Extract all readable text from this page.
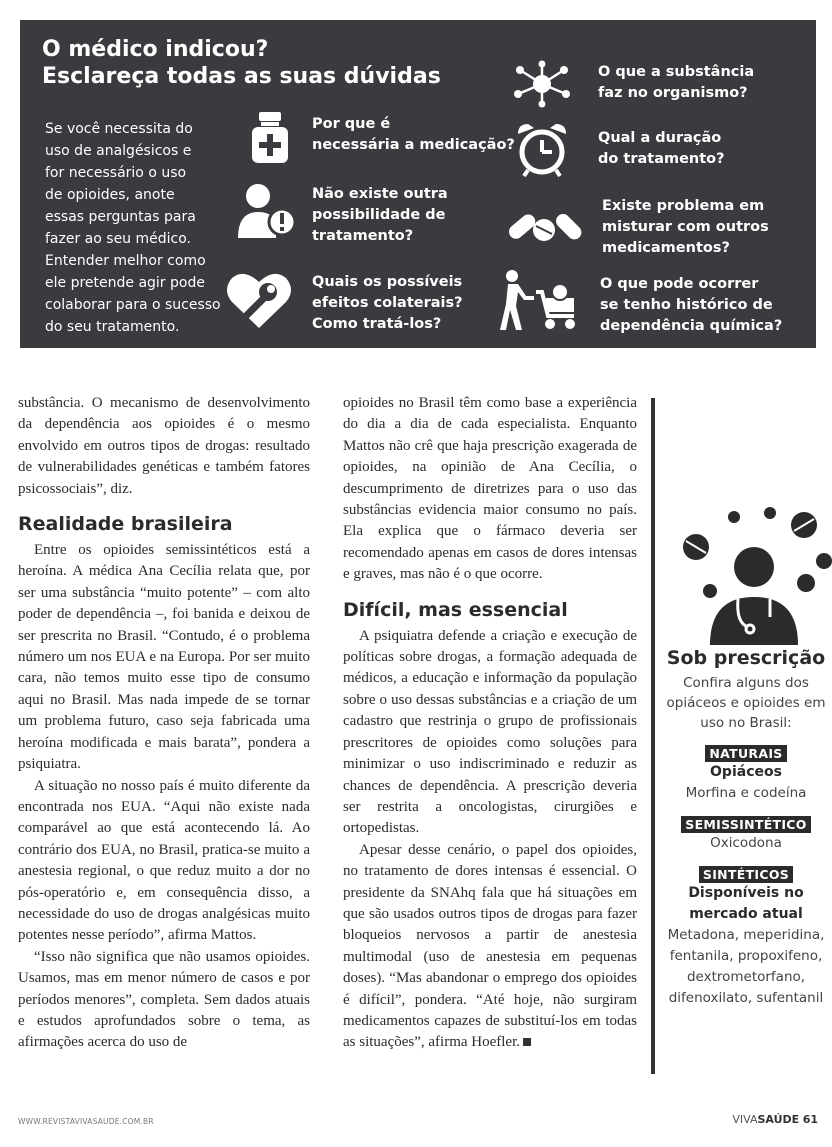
O médico indicou?
Esclareça todas as suas dúvidas
Se você necessita do
uso de analgésicos e
for necessário o uso
de opioides, anote
essas perguntas para
fazer ao seu médico.
Entender melhor como
ele pretende agir pode
colaborar para o sucesso
do seu tratamento.
Por que é
necessária a medicação?
Não existe outra
possibilidade de
tratamento?
Quais os possíveis
efeitos colaterais?
Como tratá-los?
O que a substância
faz no organismo?
Qual a duração
do tratamento?
Existe problema em
misturar com outros
medicamentos?
O que pode ocorrer
se tenho histórico de
dependência química?

substância. O mecanismo de desenvolvimento da dependência aos opioides é o mesmo envolvido em outros tipos de drogas: resultado de vulnerabilidades genéticas e também fatores psicossociais”, diz.

Realidade brasileira

Entre os opioides semissintéticos está a heroína. A médica Ana Cecília relata que, por ser uma substância “muito potente” – com alto poder de dependência –, foi banida e deixou de ser prescrita no Brasil. “Contudo, é o problema número um nos EUA e na Europa. Por ser muito cara, não temos muito esse tipo de consumo aqui no Brasil. Mas nada impede de se tornar um problema futuro, caso seja fabricada uma heroína modificada e mais barata”, pondera a psiquiatra.

A situação no nosso país é muito diferente da encontrada nos EUA. “Aqui não existe nada comparável ao que está acontecendo lá. Ao contrário dos EUA, no Brasil, pratica-se muito a anestesia regional, o que reduz muito a dor no pós-operatório e, em consequência disso, a necessidade do uso de drogas analgésicas muito potentes nesse período”, afirma Mattos.

“Isso não significa que não usamos opioides. Usamos, mas em menor número de casos e por períodos menores”, completa. Sem dados atuais e estudos aprofundados sobre o tema, as afirmações acerca do uso de

opioides no Brasil têm como base a experiência do dia a dia de cada especialista. Enquanto Mattos não crê que haja prescrição exagerada de opioides, na opinião de Ana Cecília, o descumprimento de diretrizes para o uso das substâncias evidencia maior consumo no país. Ela explica que o fármaco deveria ser recomendado apenas em casos de dores intensas e graves, mas não é o que ocorre.

Difícil, mas essencial

A psiquiatra defende a criação e execução de políticas sobre drogas, a formação adequada de médicos, a educação e informação da população sobre o uso dessas substâncias e a criação de um cadastro que restrinja o grupo de profissionais prescritores de opioides como soluções para minimizar o uso indiscriminado e reduzir as chances de dependência. A prescrição deveria ser restrita a oncologistas, cirurgiões e ortopedistas.

Apesar desse cenário, o papel dos opioides, no tratamento de dores intensas é essencial. O presidente da SNAhq fala que há situações em que são usados outros tipos de drogas para fazer bloqueios nervosos a partir de anestesia multimodal (uso de anestesia em pequenas doses). “Mas abandonar o emprego dos opioides é difícil”, pondera. “Até hoje, não surgiram medicamentos capazes de substituí-los em todas as situações”, afirma Hoefler.

Sob prescrição
Confira alguns dos opiáceos e opioides em uso no Brasil:
NATURAIS
Opiáceos
Morfina e codeína
SEMISSINTÉTICO
Oxicodona
SINTÉTICOS
Disponíveis no mercado atual
Metadona, meperidina, fentanila, propoxifeno, dextrometorfano, difenoxilato, sufentanil
WWW.REVISTAVIVASAUDE.COM.BR	VIVASAÚDE 61
